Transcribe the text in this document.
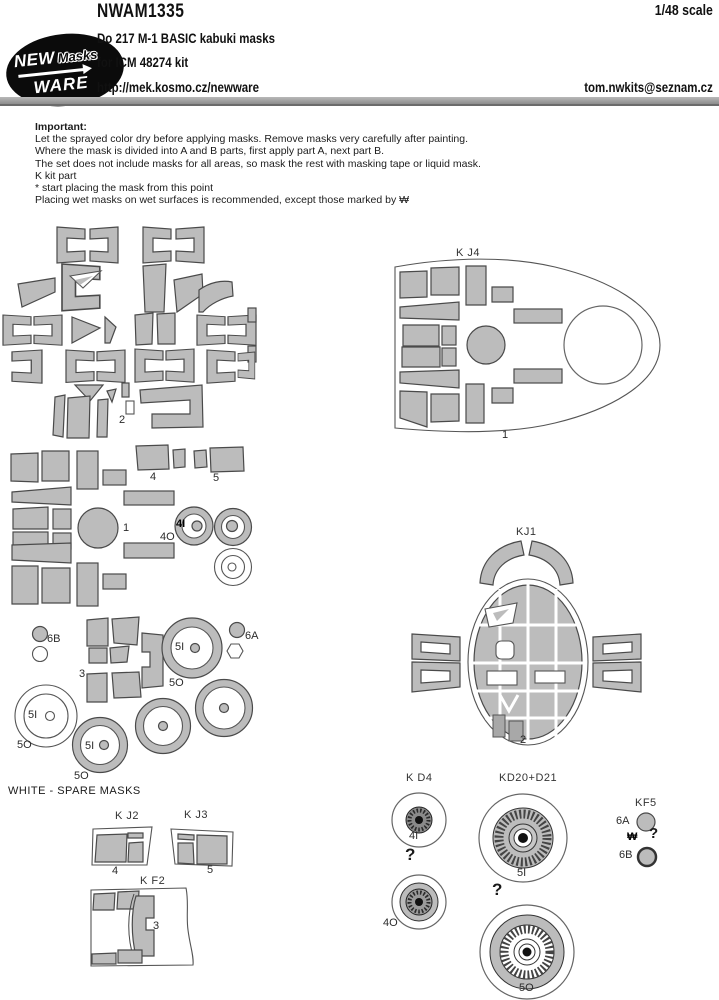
NEW Masks
WARE
NWAM1335	1/48 scale
Do 217 M-1 BASIC kabuki masks
for ICM 48274 kit
http://mek.kosmo.cz/newware	tom.nwkits@seznam.cz
Important:
Let the sprayed color dry before applying masks. Remove masks very carefully after painting.
Where the mask is divided into A and B parts, first apply part A, next part B.
The set does not include masks for all areas, so mask the rest with masking tape or liquid mask.
K kit part
* start placing the mask from this point
Placing wet masks on wet surfaces is recommended, except those marked by ₩
2
K J4
1
4	5
1	4I
4O
6B
3
5I
5O
6A
5I
5O	5I
5O
WHITE - SPARE MASKS
KJ1
2
K J2
4
K J3
5
K F2
3
K D4
4I
?
4O
KD20+D21
5I
?
5O
KF5
6A
₩ ?
6B
